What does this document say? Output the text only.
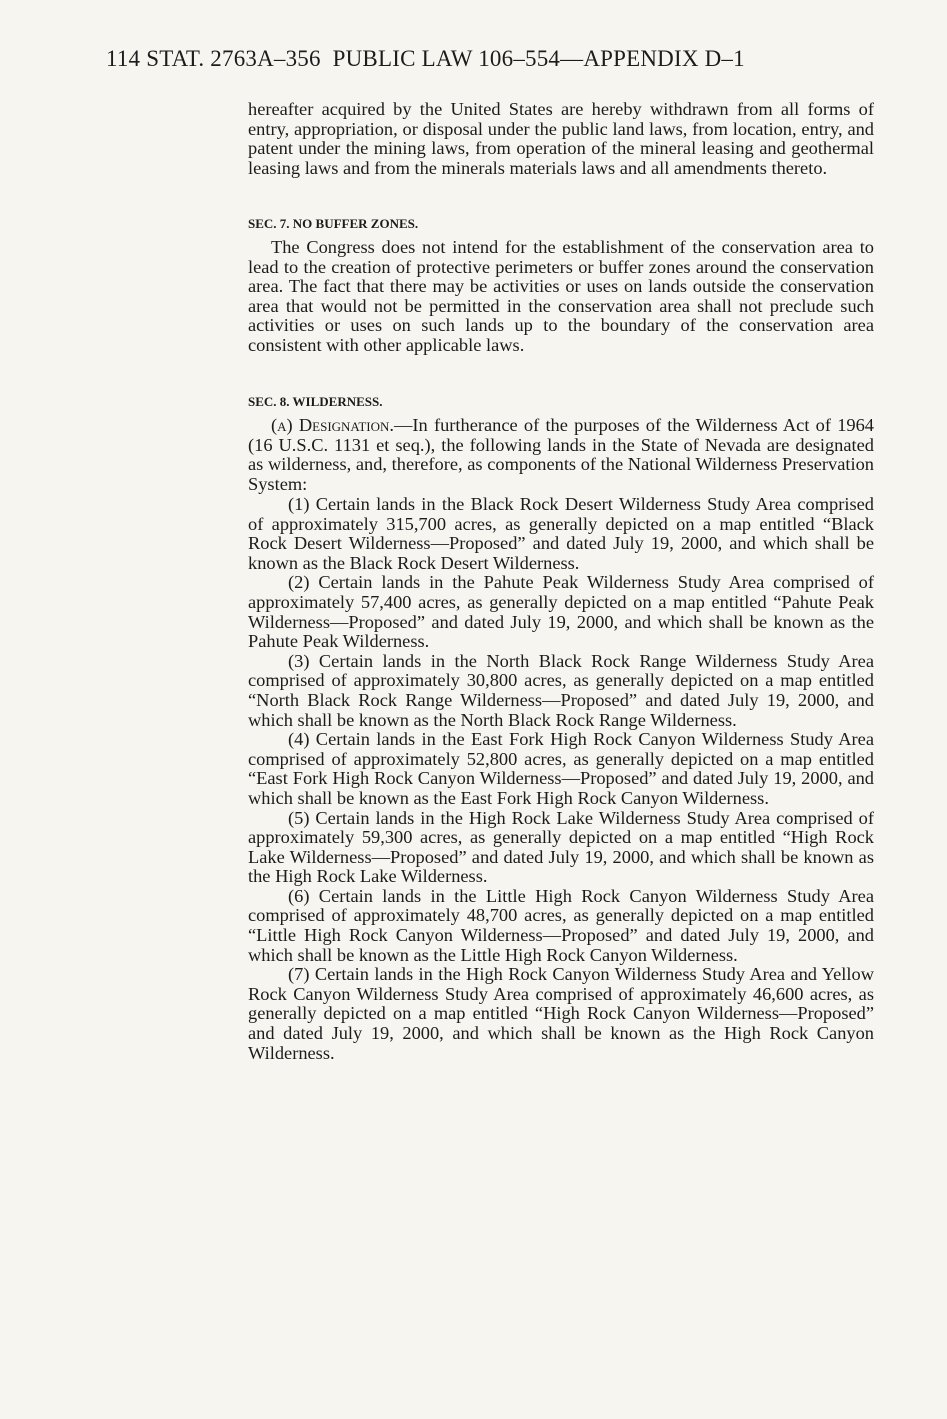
114 STAT. 2763A–356 PUBLIC LAW 106–554—APPENDIX D–1

hereafter acquired by the United States are hereby withdrawn from all forms of entry, appropriation, or disposal under the public land laws, from location, entry, and patent under the mining laws, from operation of the mineral leasing and geothermal leasing laws and from the minerals materials laws and all amendments thereto.

SEC. 7. NO BUFFER ZONES.

The Congress does not intend for the establishment of the conservation area to lead to the creation of protective perimeters or buffer zones around the conservation area. The fact that there may be activities or uses on lands outside the conservation area that would not be permitted in the conservation area shall not preclude such activities or uses on such lands up to the boundary of the conservation area consistent with other applicable laws.

SEC. 8. WILDERNESS.

(a) Designation.—In furtherance of the purposes of the Wilderness Act of 1964 (16 U.S.C. 1131 et seq.), the following lands in the State of Nevada are designated as wilderness, and, therefore, as components of the National Wilderness Preservation System:

(1) Certain lands in the Black Rock Desert Wilderness Study Area comprised of approximately 315,700 acres, as generally depicted on a map entitled “Black Rock Desert Wilderness—Proposed” and dated July 19, 2000, and which shall be known as the Black Rock Desert Wilderness.

(2) Certain lands in the Pahute Peak Wilderness Study Area comprised of approximately 57,400 acres, as generally depicted on a map entitled “Pahute Peak Wilderness—Proposed” and dated July 19, 2000, and which shall be known as the Pahute Peak Wilderness.

(3) Certain lands in the North Black Rock Range Wilderness Study Area comprised of approximately 30,800 acres, as generally depicted on a map entitled “North Black Rock Range Wilderness—Proposed” and dated July 19, 2000, and which shall be known as the North Black Rock Range Wilderness.

(4) Certain lands in the East Fork High Rock Canyon Wilderness Study Area comprised of approximately 52,800 acres, as generally depicted on a map entitled “East Fork High Rock Canyon Wilderness—Proposed” and dated July 19, 2000, and which shall be known as the East Fork High Rock Canyon Wilderness.

(5) Certain lands in the High Rock Lake Wilderness Study Area comprised of approximately 59,300 acres, as generally depicted on a map entitled “High Rock Lake Wilderness—Proposed” and dated July 19, 2000, and which shall be known as the High Rock Lake Wilderness.

(6) Certain lands in the Little High Rock Canyon Wilderness Study Area comprised of approximately 48,700 acres, as generally depicted on a map entitled “Little High Rock Canyon Wilderness—Proposed” and dated July 19, 2000, and which shall be known as the Little High Rock Canyon Wilderness.

(7) Certain lands in the High Rock Canyon Wilderness Study Area and Yellow Rock Canyon Wilderness Study Area comprised of approximately 46,600 acres, as generally depicted on a map entitled “High Rock Canyon Wilderness—Proposed” and dated July 19, 2000, and which shall be known as the High Rock Canyon Wilderness.
